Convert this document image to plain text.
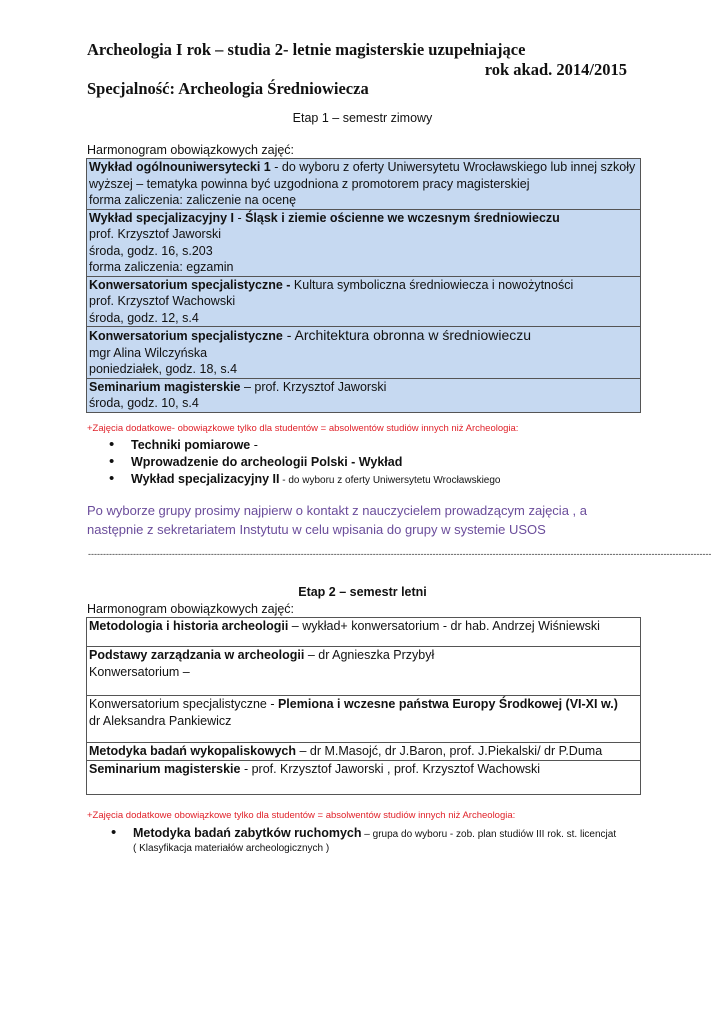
Archeologia I rok – studia 2- letnie magisterskie uzupełniające
rok akad. 2014/2015
Specjalność: Archeologia Średniowiecza
Etap 1 – semestr zimowy
Harmonogram obowiązkowych zajęć:
Wykład ogólnouniwersytecki 1 - do wyboru z oferty Uniwersytetu Wrocławskiego lub innej szkoły wyższej – tematyka powinna być uzgodniona z promotorem pracy magisterskiej
forma zaliczenia: zaliczenie na ocenę
Wykład specjalizacyjny I - Śląsk i ziemie ościenne we wczesnym średniowieczu
prof. Krzysztof Jaworski
środa, godz. 16, s.203
forma zaliczenia: egzamin
Konwersatorium specjalistyczne - Kultura symboliczna średniowiecza i nowożytności
prof. Krzysztof Wachowski
środa, godz. 12, s.4
Konwersatorium specjalistyczne - Architektura obronna w średniowieczu
mgr Alina Wilczyńska
poniedziałek, godz. 18, s.4
Seminarium magisterskie – prof. Krzysztof Jaworski
środa, godz. 10, s.4
+Zajęcia dodatkowe- obowiązkowe tylko dla studentów = absolwentów studiów innych niż Archeologia:
• Techniki pomiarowe -
• Wprowadzenie do archeologii Polski - Wykład
• Wykład specjalizacyjny II - do wyboru z oferty Uniwersytetu Wrocławskiego
Po wyborze grupy prosimy najpierw o kontakt z nauczycielem prowadzącym zajęcia , a następnie z sekretariatem Instytutu w celu wpisania do grupy w systemie USOS
----------------------------------------------------------------------------------------------------------------------------------------------------------------------------------------------------------------
Etap 2 – semestr letni
Harmonogram obowiązkowych zajęć:
Metodologia i historia archeologii – wykład+ konwersatorium - dr hab. Andrzej Wiśniewski
Podstawy zarządzania w archeologii – dr Agnieszka Przybył
Konwersatorium –
Konwersatorium specjalistyczne - Plemiona i wczesne państwa Europy Środkowej (VI-XI w.)
dr Aleksandra Pankiewicz
Metodyka badań wykopaliskowych – dr M.Masojć, dr J.Baron, prof. J.Piekalski/ dr P.Duma
Seminarium magisterskie - prof. Krzysztof Jaworski , prof. Krzysztof Wachowski
+Zajęcia dodatkowe obowiązkowe tylko dla studentów = absolwentów studiów innych niż Archeologia:
• Metodyka badań zabytków ruchomych – grupa do wyboru - zob. plan studiów III rok. st. licencjat
( Klasyfikacja materiałów archeologicznych )
